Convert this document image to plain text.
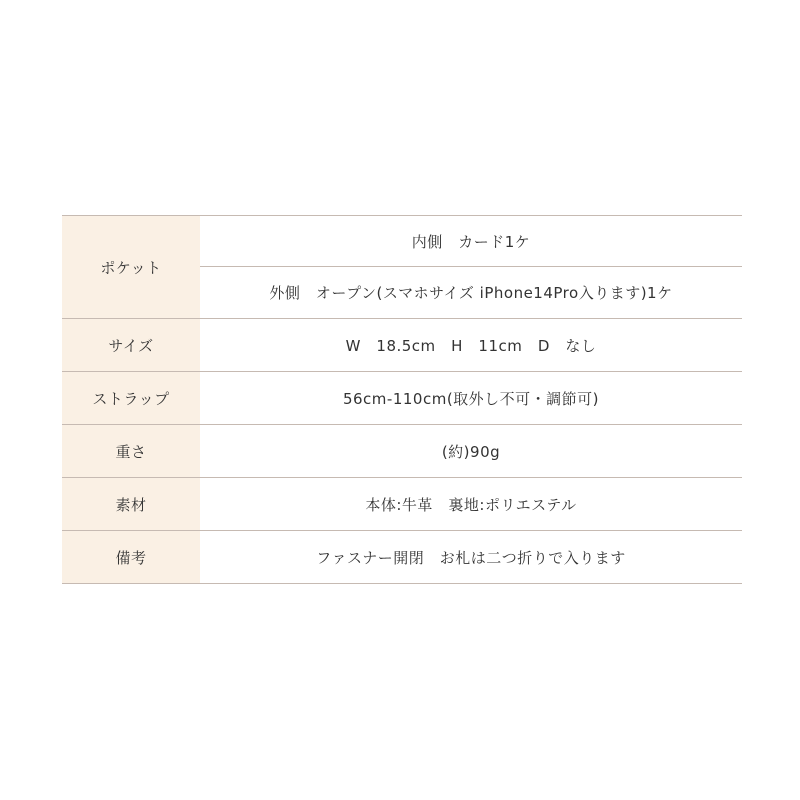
ポケット	内側　カード1ケ
	外側　オープン(スマホサイズ iPhone14Pro入ります)1ケ
サイズ	W　18.5cm　H　11cm　D　なし
ストラップ	56cm-110cm(取外し不可・調節可)
重さ	(約)90g
素材	本体:牛革　裏地:ポリエステル
備考	ファスナー開閉　お札は二つ折りで入ります
